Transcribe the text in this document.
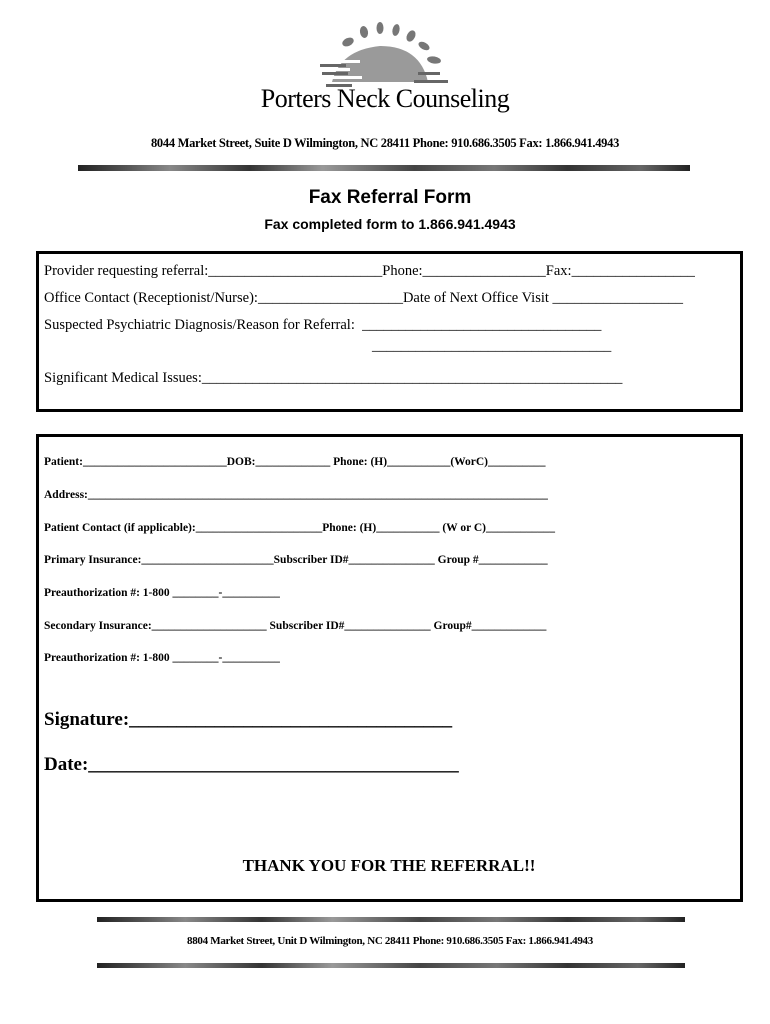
Porters Neck Counseling
8044 Market Street, Suite D Wilmington, NC 28411 Phone: 910.686.3505 Fax: 1.866.941.4943
Fax Referral Form
Fax completed form to 1.866.941.4943
Provider requesting referral:________________________Phone:_________________Fax:_________________
Office Contact (Receptionist/Nurse):____________________Date of Next Office Visit __________________
Suspected Psychiatric Diagnosis/Reason for Referral:  _________________________________
_________________________________
Significant Medical Issues:__________________________________________________________
Patient:_________________________DOB:_____________ Phone: (H)___________(WorC)__________
Address:________________________________________________________________________________
Patient Contact (if applicable):______________________Phone: (H)___________ (W or C)____________
Primary Insurance:_______________________Subscriber ID#_______________ Group #____________
Preauthorization #: 1-800 ________-__________
Secondary Insurance:____________________ Subscriber ID#_______________ Group#_____________
Preauthorization #: 1-800 ________-__________
Signature:__________________________________
Date:_______________________________________
THANK YOU FOR THE REFERRAL!!
8804 Market Street, Unit D Wilmington, NC 28411 Phone: 910.686.3505 Fax: 1.866.941.4943
